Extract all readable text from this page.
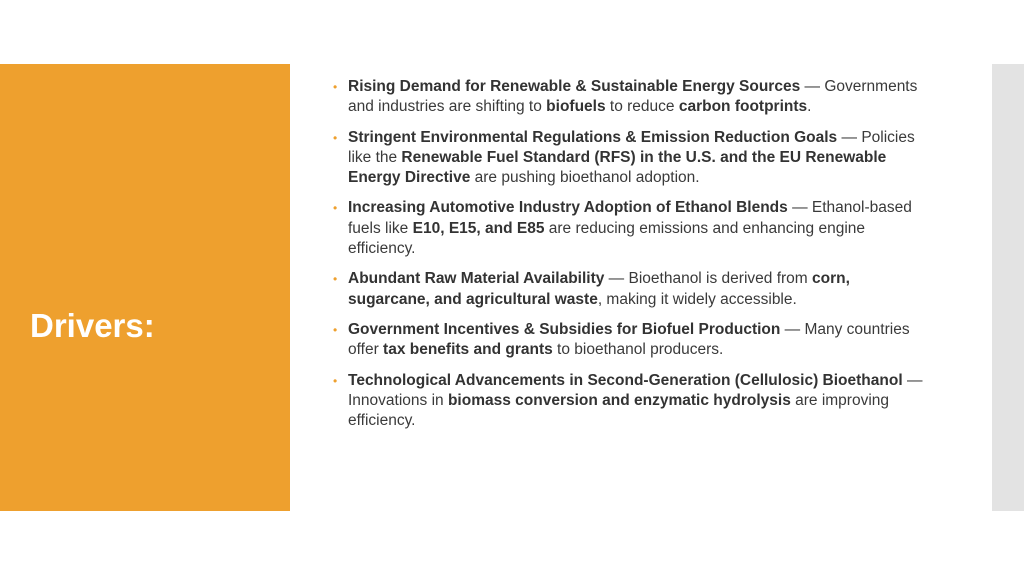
Drivers:
• Rising Demand for Renewable & Sustainable Energy Sources — Governments and industries are shifting to biofuels to reduce carbon footprints.
• Stringent Environmental Regulations & Emission Reduction Goals — Policies like the Renewable Fuel Standard (RFS) in the U.S. and the EU Renewable Energy Directive are pushing bioethanol adoption.
• Increasing Automotive Industry Adoption of Ethanol Blends — Ethanol-based fuels like E10, E15, and E85 are reducing emissions and enhancing engine efficiency.
• Abundant Raw Material Availability — Bioethanol is derived from corn, sugarcane, and agricultural waste, making it widely accessible.
• Government Incentives & Subsidies for Biofuel Production — Many countries offer tax benefits and grants to bioethanol producers.
• Technological Advancements in Second-Generation (Cellulosic) Bioethanol — Innovations in biomass conversion and enzymatic hydrolysis are improving efficiency.
